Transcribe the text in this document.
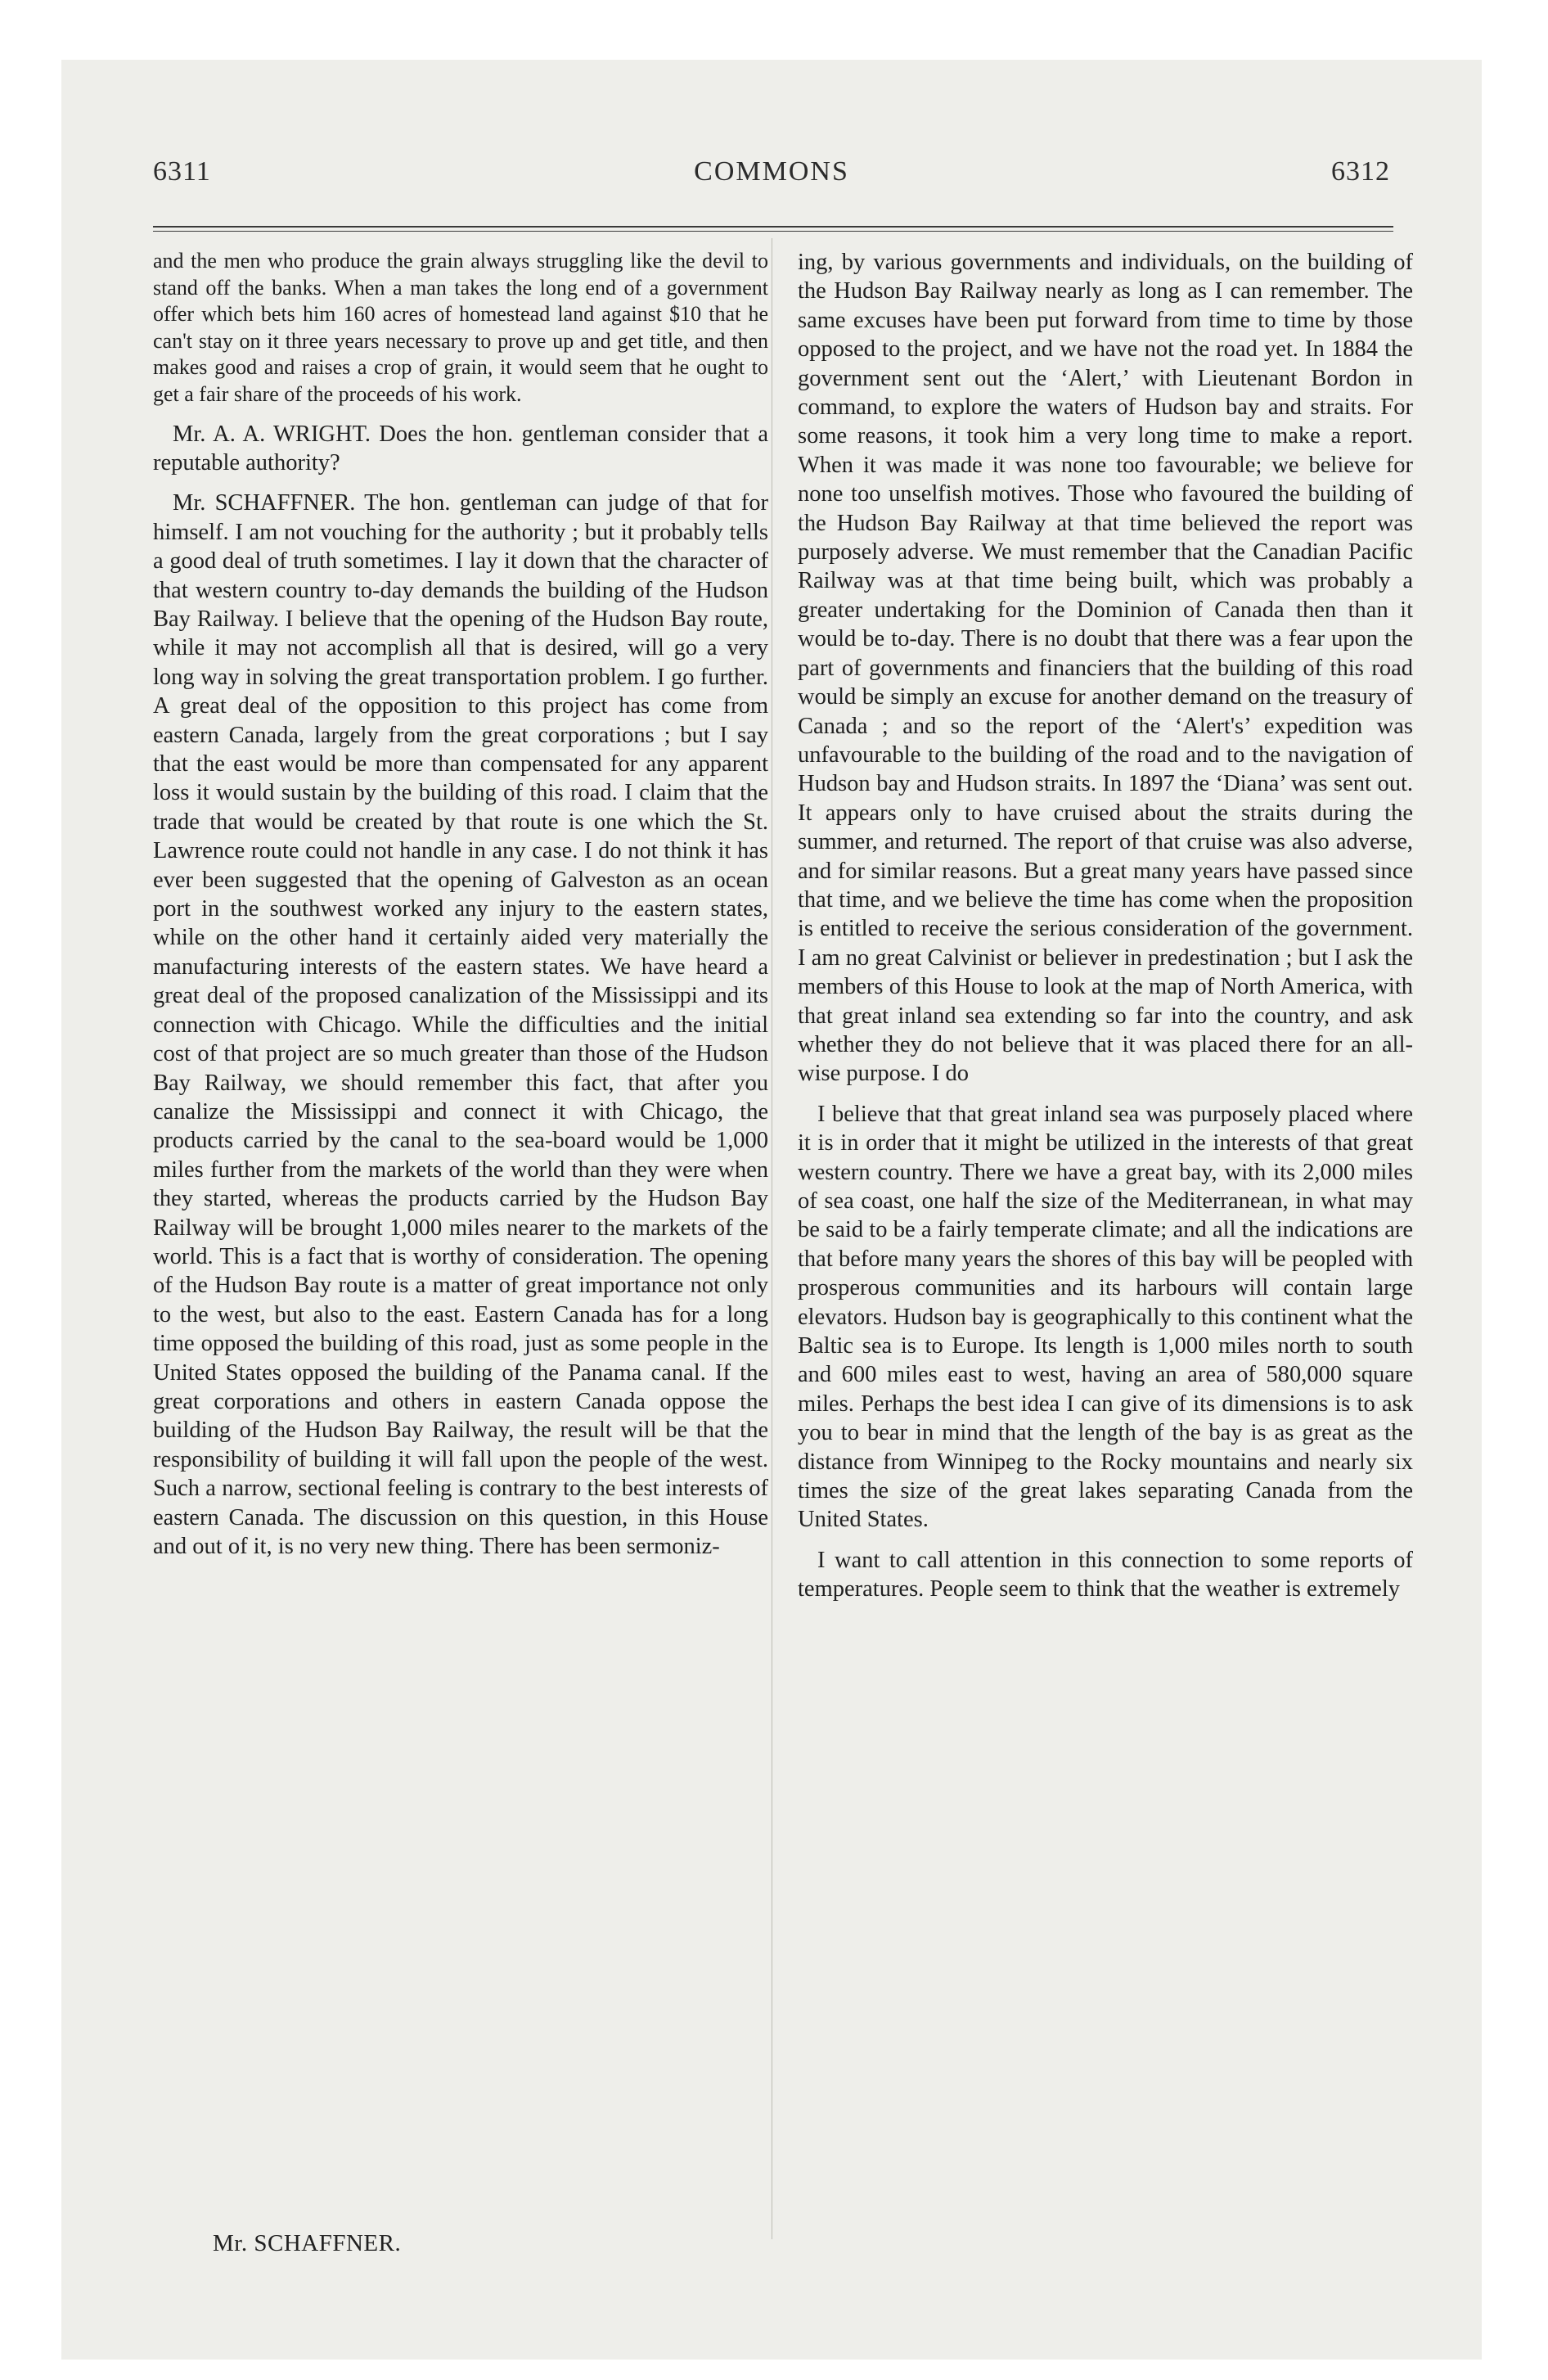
6311	COMMONS	6312

and the men who produce the grain always struggling like the devil to stand off the banks. When a man takes the long end of a government offer which bets him 160 acres of homestead land against $10 that he can't stay on it three years necessary to prove up and get title, and then makes good and raises a crop of grain, it would seem that he ought to get a fair share of the proceeds of his work.

Mr. A. A. WRIGHT. Does the hon. gentleman consider that a reputable authority?

Mr. SCHAFFNER. The hon. gentleman can judge of that for himself. I am not vouching for the authority ; but it probably tells a good deal of truth sometimes. I lay it down that the character of that western country to-day demands the building of the Hudson Bay Railway. I believe that the opening of the Hudson Bay route, while it may not accomplish all that is desired, will go a very long way in solving the great transportation problem. I go further. A great deal of the opposition to this project has come from eastern Canada, largely from the great corporations ; but I say that the east would be more than compensated for any apparent loss it would sustain by the building of this road. I claim that the trade that would be created by that route is one which the St. Lawrence route could not handle in any case. I do not think it has ever been suggested that the opening of Galveston as an ocean port in the southwest worked any injury to the eastern states, while on the other hand it certainly aided very materially the manufacturing interests of the eastern states. We have heard a great deal of the proposed canalization of the Mississippi and its connection with Chicago. While the difficulties and the initial cost of that project are so much greater than those of the Hudson Bay Railway, we should remember this fact, that after you canalize the Mississippi and connect it with Chicago, the products carried by the canal to the sea-board would be 1,000 miles further from the markets of the world than they were when they started, whereas the products carried by the Hudson Bay Railway will be brought 1,000 miles nearer to the markets of the world. This is a fact that is worthy of consideration. The opening of the Hudson Bay route is a matter of great importance not only to the west, but also to the east. Eastern Canada has for a long time opposed the building of this road, just as some people in the United States opposed the building of the Panama canal. If the great corporations and others in eastern Canada oppose the building of the Hudson Bay Railway, the result will be that the responsibility of building it will fall upon the people of the west. Such a narrow, sectional feeling is contrary to the best interests of eastern Canada. The discussion on this question, in this House and out of it, is no very new thing. There has been sermoniz-

ing, by various governments and individuals, on the building of the Hudson Bay Railway nearly as long as I can remember. The same excuses have been put forward from time to time by those opposed to the project, and we have not the road yet. In 1884 the government sent out the ‘Alert,’ with Lieutenant Bordon in command, to explore the waters of Hudson bay and straits. For some reasons, it took him a very long time to make a report. When it was made it was none too favourable; we believe for none too unselfish motives. Those who favoured the building of the Hudson Bay Railway at that time believed the report was purposely adverse. We must remember that the Canadian Pacific Railway was at that time being built, which was probably a greater undertaking for the Dominion of Canada then than it would be to-day. There is no doubt that there was a fear upon the part of governments and financiers that the building of this road would be simply an excuse for another demand on the treasury of Canada ; and so the report of the ‘Alert's’ expedition was unfavourable to the building of the road and to the navigation of Hudson bay and Hudson straits. In 1897 the ‘Diana’ was sent out. It appears only to have cruised about the straits during the summer, and returned. The report of that cruise was also adverse, and for similar reasons. But a great many years have passed since that time, and we believe the time has come when the proposition is entitled to receive the serious consideration of the government. I am no great Calvinist or believer in predestination ; but I ask the members of this House to look at the map of North America, with that great inland sea extending so far into the country, and ask whether they do not believe that it was placed there for an all-wise purpose. I do

I believe that that great inland sea was purposely placed where it is in order that it might be utilized in the interests of that great western country. There we have a great bay, with its 2,000 miles of sea coast, one half the size of the Mediterranean, in what may be said to be a fairly temperate climate; and all the indications are that before many years the shores of this bay will be peopled with prosperous communities and its harbours will contain large elevators. Hudson bay is geographically to this continent what the Baltic sea is to Europe. Its length is 1,000 miles north to south and 600 miles east to west, having an area of 580,000 square miles. Perhaps the best idea I can give of its dimensions is to ask you to bear in mind that the length of the bay is as great as the distance from Winnipeg to the Rocky mountains and nearly six times the size of the great lakes separating Canada from the United States.

I want to call attention in this connection to some reports of temperatures. People seem to think that the weather is extremely

Mr. SCHAFFNER.
